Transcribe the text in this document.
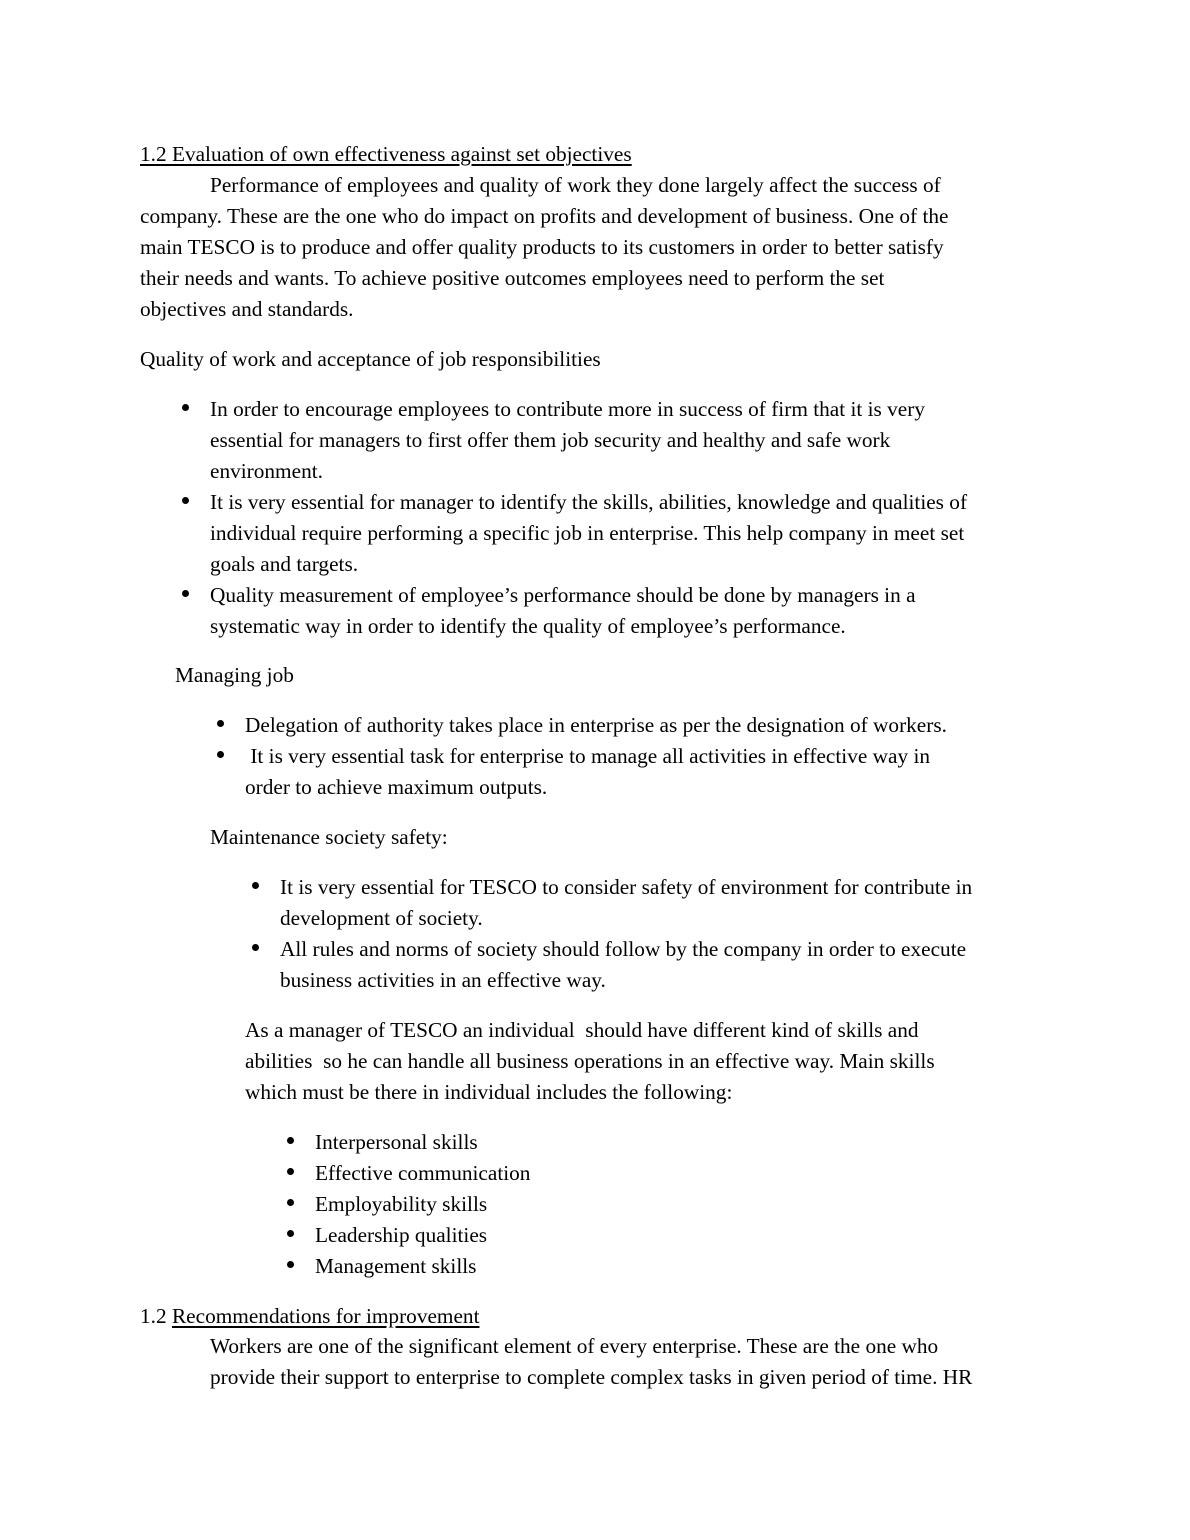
1.2 Evaluation of own effectiveness against set objectives
Performance of employees and quality of work they done largely affect the success of
company. These are the one who do impact on profits and development of business. One of the
main TESCO is to produce and offer quality products to its customers in order to better satisfy
their needs and wants. To achieve positive outcomes employees need to perform the set
objectives and standards.
Quality of work and acceptance of job responsibilities
In order to encourage employees to contribute more in success of firm that it is very
essential for managers to first offer them job security and healthy and safe work
environment.
It is very essential for manager to identify the skills, abilities, knowledge and qualities of
individual require performing a specific job in enterprise. This help company in meet set
goals and targets.
Quality measurement of employee’s performance should be done by managers in a
systematic way in order to identify the quality of employee’s performance.
Managing job
Delegation of authority takes place in enterprise as per the designation of workers.
It is very essential task for enterprise to manage all activities in effective way in
order to achieve maximum outputs.
Maintenance society safety:
It is very essential for TESCO to consider safety of environment for contribute in
development of society.
All rules and norms of society should follow by the company in order to execute
business activities in an effective way.
As a manager of TESCO an individual  should have different kind of skills and
abilities  so he can handle all business operations in an effective way. Main skills
which must be there in individual includes the following:
Interpersonal skills
Effective communication
Employability skills
Leadership qualities
Management skills
1.2 Recommendations for improvement
Workers are one of the significant element of every enterprise. These are the one who
provide their support to enterprise to complete complex tasks in given period of time. HR
